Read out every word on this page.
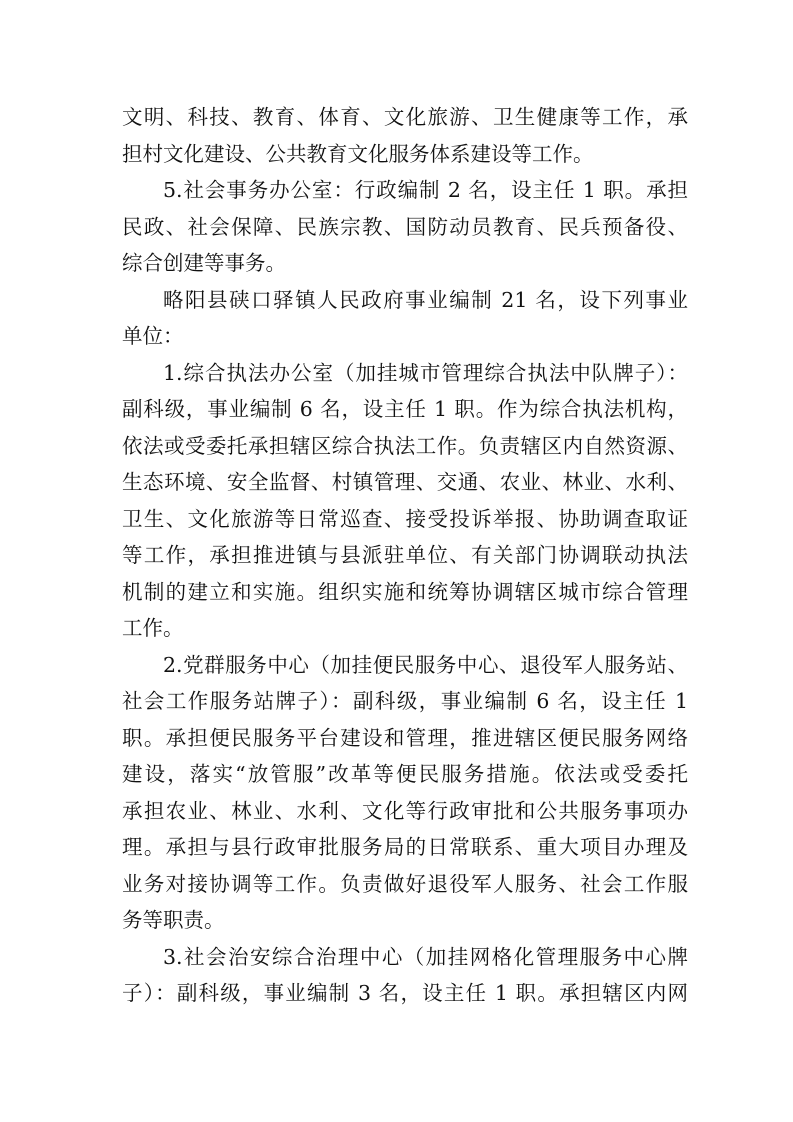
文明、科技、教育、体育、文化旅游、卫生健康等工作，承
担村文化建设、公共教育文化服务体系建设等工作。
5.社会事务办公室：行政编制 2 名，设主任 1 职。承担
民政、社会保障、民族宗教、国防动员教育、民兵预备役、
综合创建等事务。
略阳县硖口驿镇人民政府事业编制 21 名，设下列事业
单位：
1.综合执法办公室（加挂城市管理综合执法中队牌子）：
副科级，事业编制 6 名，设主任 1 职。作为综合执法机构，
依法或受委托承担辖区综合执法工作。负责辖区内自然资源、
生态环境、安全监督、村镇管理、交通、农业、林业、水利、
卫生、文化旅游等日常巡查、接受投诉举报、协助调查取证
等工作，承担推进镇与县派驻单位、有关部门协调联动执法
机制的建立和实施。组织实施和统筹协调辖区城市综合管理
工作。
2.党群服务中心（加挂便民服务中心、退役军人服务站、
社会工作服务站牌子）：副科级，事业编制 6 名，设主任 1
职。承担便民服务平台建设和管理，推进辖区便民服务网络
建设，落实“放管服”改革等便民服务措施。依法或受委托
承担农业、林业、水利、文化等行政审批和公共服务事项办
理。承担与县行政审批服务局的日常联系、重大项目办理及
业务对接协调等工作。负责做好退役军人服务、社会工作服
务等职责。
3.社会治安综合治理中心（加挂网格化管理服务中心牌
子）：副科级，事业编制 3 名，设主任 1 职。承担辖区内网
